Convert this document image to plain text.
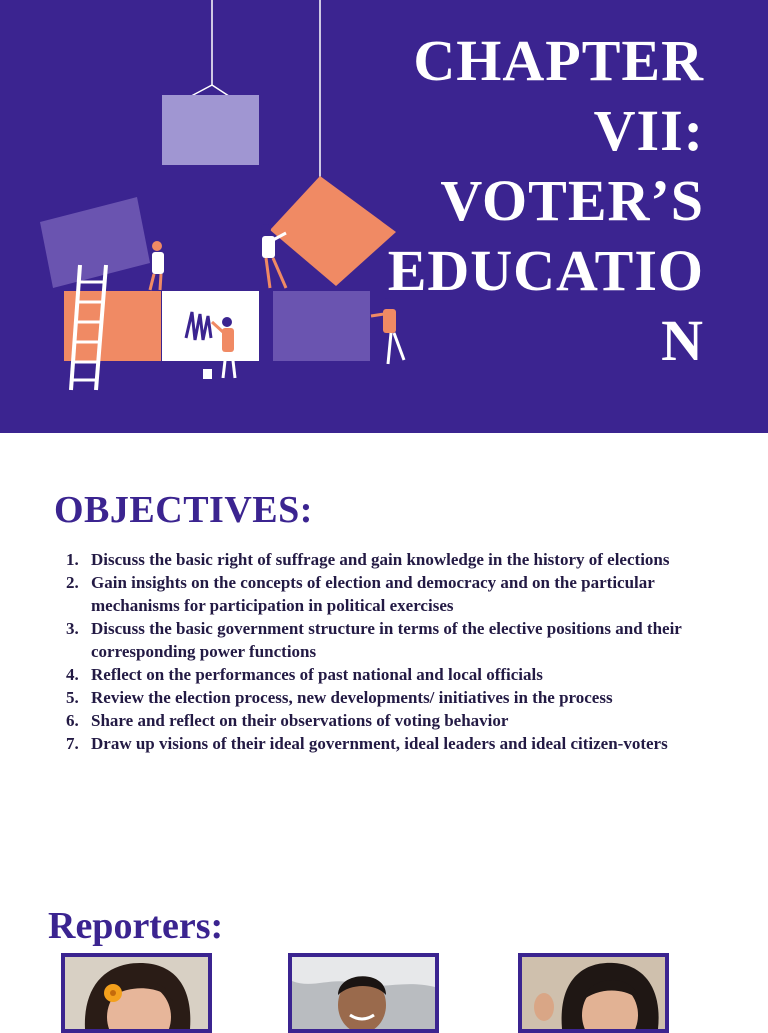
CHAPTER
VII:
VOTER’S
EDUCATIO
N
OBJECTIVES:
1. Discuss the basic right of suffrage and gain knowledge in the history of elections
2. Gain insights on the concepts of election and democracy and on the particular mechanisms for participation in political exercises
3. Discuss the basic government structure in terms of the elective positions and their corresponding power functions
4. Reflect on the performances of past national and local officials
5. Review the election process, new developments/ initiatives in the process
6. Share and reflect on their observations of voting behavior
7. Draw up visions of their ideal government, ideal leaders and ideal citizen-voters
Reporters:
